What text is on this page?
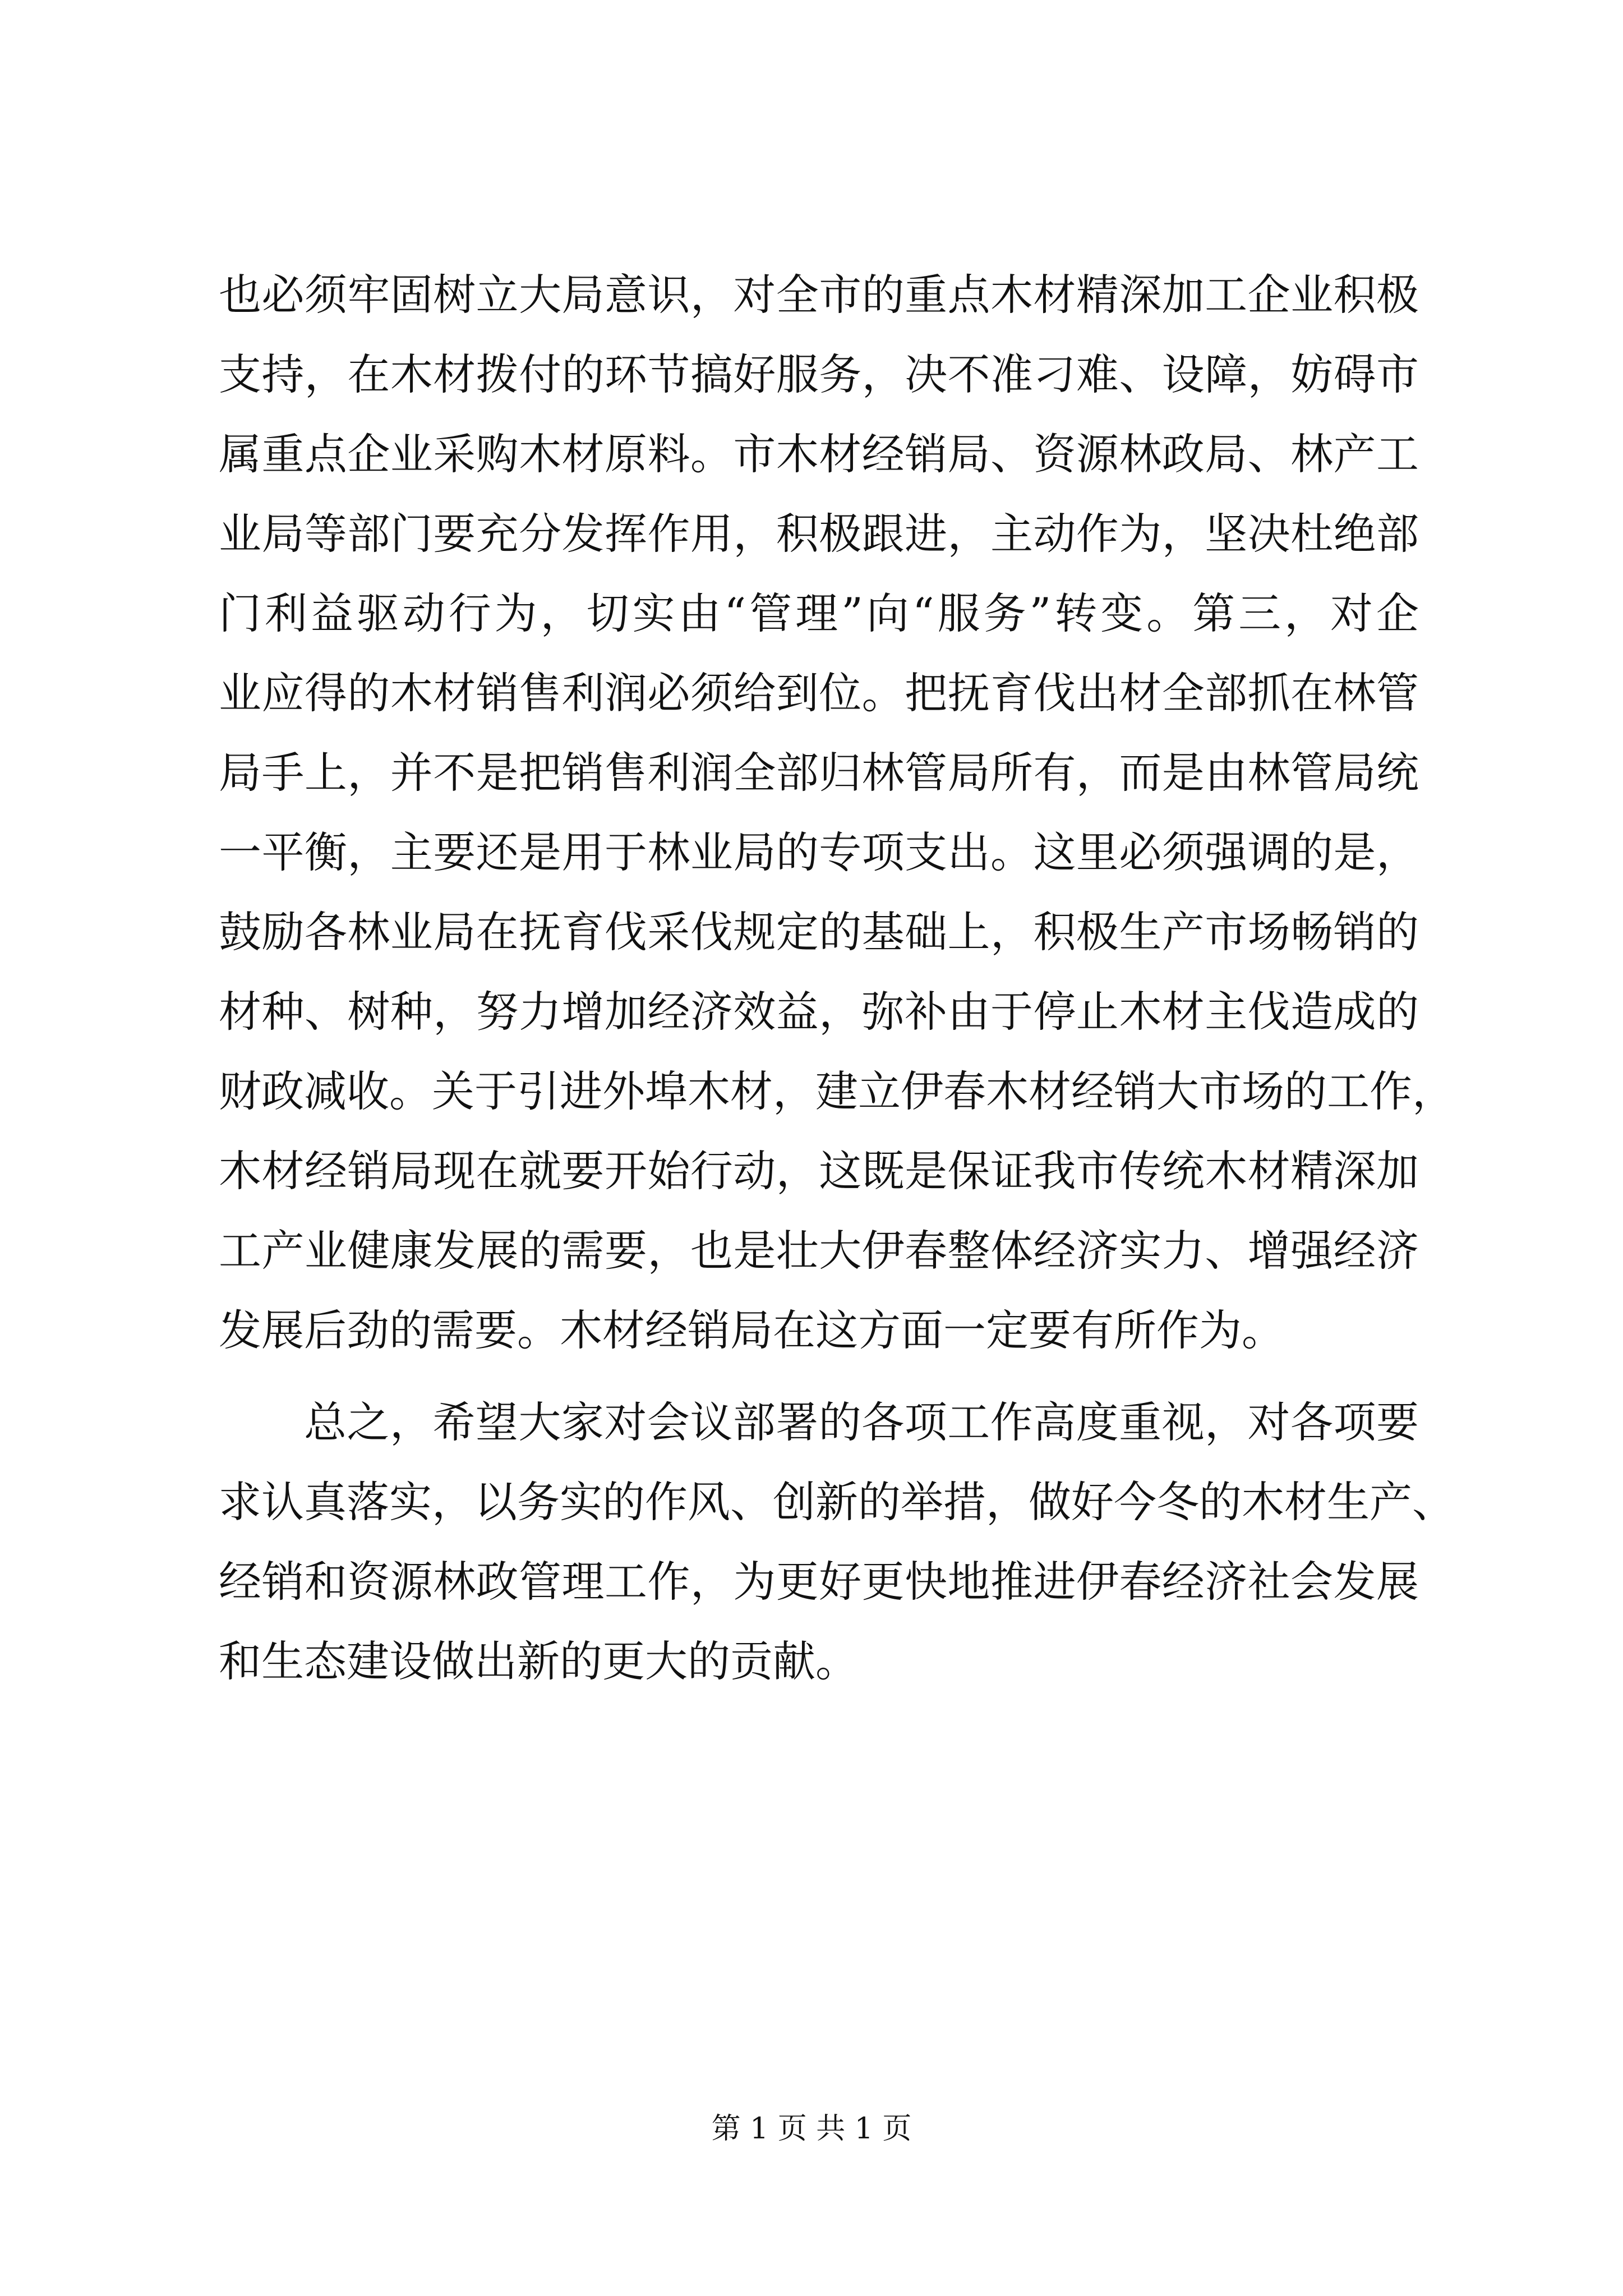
也必须牢固树立大局意识，对全市的重点木材精深加工企业积极
支持，在木材拨付的环节搞好服务，决不准刁难、设障，妨碍市
属重点企业采购木材原料。市木材经销局、资源林政局、林产工
业局等部门要充分发挥作用，积极跟进，主动作为，坚决杜绝部
门利益驱动行为，切实由“管理”向“服务”转变。第三，对企
业应得的木材销售利润必须给到位。把抚育伐出材全部抓在林管
局手上，并不是把销售利润全部归林管局所有，而是由林管局统
一平衡，主要还是用于林业局的专项支出。这里必须强调的是，
鼓励各林业局在抚育伐采伐规定的基础上，积极生产市场畅销的
材种、树种，努力增加经济效益，弥补由于停止木材主伐造成的
财政减收。关于引进外埠木材，建立伊春木材经销大市场的工作，
木材经销局现在就要开始行动，这既是保证我市传统木材精深加
工产业健康发展的需要，也是壮大伊春整体经济实力、增强经济
发展后劲的需要。木材经销局在这方面一定要有所作为。
总之，希望大家对会议部署的各项工作高度重视，对各项要
求认真落实，以务实的作风、创新的举措，做好今冬的木材生产、
经销和资源林政管理工作，为更好更快地推进伊春经济社会发展
和生态建设做出新的更大的贡献。
第 1 页 共 1 页
